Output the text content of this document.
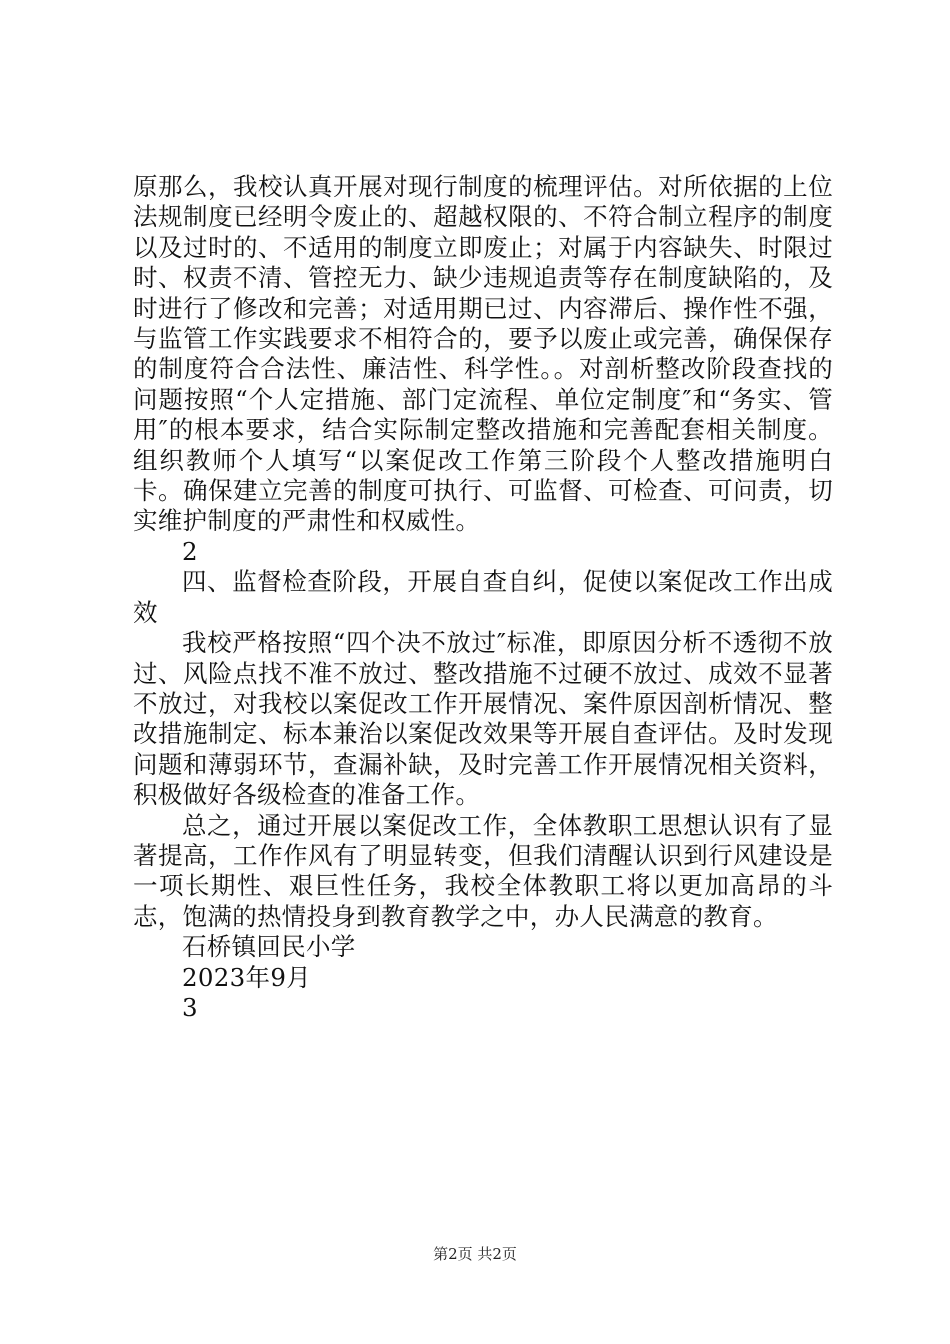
原那么，我校认真开展对现行制度的梳理评估。对所依据的上位法规制度已经明令废止的、超越权限的、不符合制立程序的制度以及过时的、不适用的制度立即废止；对属于内容缺失、时限过时、权责不清、管控无力、缺少违规追责等存在制度缺陷的，及时进行了修改和完善；对适用期已过、内容滞后、操作性不强，与监管工作实践要求不相符合的，要予以废止或完善，确保保存的制度符合合法性、廉洁性、科学性。。对剖析整改阶段查找的问题按照“个人定措施、部门定流程、单位定制度″和“务实、管用″的根本要求，结合实际制定整改措施和完善配套相关制度。组织教师个人填写“以案促改工作第三阶段个人整改措施明白卡。确保建立完善的制度可执行、可监督、可检查、可问责，切实维护制度的严肃性和权威性。

2

四、监督检查阶段，开展自查自纠，促使以案促改工作出成效

我校严格按照“四个决不放过″标准，即原因分析不透彻不放过、风险点找不准不放过、整改措施不过硬不放过、成效不显著不放过，对我校以案促改工作开展情况、案件原因剖析情况、整改措施制定、标本兼治以案促改效果等开展自查评估。及时发现问题和薄弱环节，查漏补缺，及时完善工作开展情况相关资料，积极做好各级检查的准备工作。

总之，通过开展以案促改工作，全体教职工思想认识有了显著提高，工作作风有了明显转变，但我们清醒认识到行风建设是一项长期性、艰巨性任务，我校全体教职工将以更加高昂的斗志，饱满的热情投身到教育教学之中，办人民满意的教育。

石桥镇回民小学

2023年9月

3

第2页 共2页
